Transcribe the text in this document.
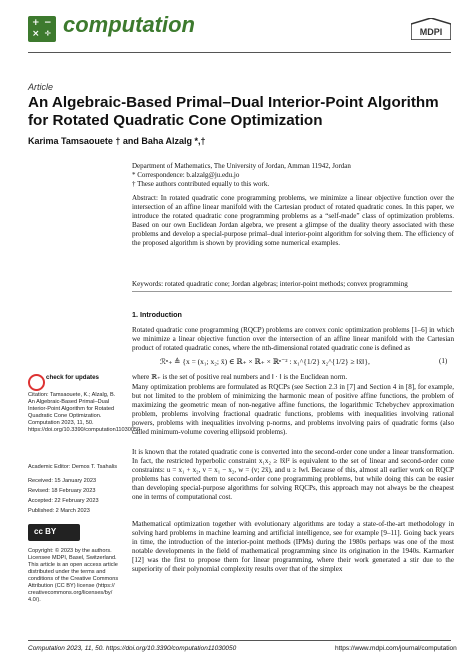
+ −
× ÷ computation	MDPI
Article
An Algebraic-Based Primal–Dual Interior-Point Algorithm for Rotated Quadratic Cone Optimization
Karima Tamsaouete † and Baha Alzalg *,†
Department of Mathematics, The University of Jordan, Amman 11942, Jordan
* Correspondence: b.alzalg@ju.edu.jo
† These authors contributed equally to this work.
Abstract: In rotated quadratic cone programming problems, we minimize a linear objective function over the intersection of an affine linear manifold with the Cartesian product of rotated quadratic cones. In this paper, we introduce the rotated quadratic cone programming problems as a “self-made” class of optimization problems. Based on our own Euclidean Jordan algebra, we present a glimpse of the duality theory associated with these problems and develop a special-purpose primal–dual interior-point algorithm for solving them. The efficiency of the proposed algorithm is shown by providing some numerical examples.
Keywords: rotated quadratic cone; Jordan algebras; interior-point methods; convex programming
1. Introduction
Rotated quadratic cone programming (RQCP) problems are convex conic optimization problems [1–6] in which we minimize a linear objective function over the intersection of an affine linear manifold with the Cartesian product of rotated quadratic cones, where the nth-dimensional rotated quadratic cone is defined as
ℛⁿ₊ ≜ {x = (x₁; x₂; x̄) ∈ ℝ₊ × ℝ₊ × ℝⁿ⁻² : x₁^{1/2} x₂^{1/2} ≥ ‖x̄‖},	(1)
where ℝ₊ is the set of positive real numbers and ‖ · ‖ is the Euclidean norm.
Many optimization problems are formulated as RQCPs (see Section 2.3 in [7] and Section 4 in [8], for example, but not limited to the problem of minimizing the harmonic mean of positive affine functions, the problem of maximizing the geometric mean of non-negative affine functions, the logarithmic Tchebychev approximation problem, problems involving fractional quadratic functions, problems with inequalities involving rational powers, problems with inequalities involving p-norms, and problems involving pairs of quadratic forms (also called minimum-volume covering ellipsoid problems).
It is known that the rotated quadratic cone is converted into the second-order cone under a linear transformation. In fact, the restricted hyperbolic constraint x₁x₂ ≥ ‖x̄‖² is equivalent to the set of linear and second-order cone constraints: u = x₁ + x₂, v = x₁ − x₂, w = (v; 2x̄), and u ≥ ‖w‖. Because of this, almost all earlier work on RQCP problems has converted them to second-order cone programming problems, but while doing this can be easier than developing special-purpose algorithms for solving RQCPs, this approach may not always be the cheapest one in terms of computational cost.
Mathematical optimization together with evolutionary algorithms are today a state-of-the-art methodology in solving hard problems in machine learning and artificial intelligence, see for example [9–11]. Going back years in time, the introduction of the interior-point methods (IPMs) during the 1980s perhaps was one of the most notable developments in the field of mathematical programming since its origination in the 1940s. Karmarker [12] was the first to propose them for linear programming, where their work generated a stir due to the superiority of their polynomial complexity results over that of the simplex
check for updates
Citation: Tamsaouete, K.; Alzalg, B. An Algebraic-Based Primal–Dual Interior-Point Algorithm for Rotated Quadratic Cone Optimization. Computation 2023, 11, 50. https://doi.org/10.3390/computation11030050
Academic Editor: Demos T. Tsahalis
Received: 15 January 2023
Revised: 18 February 2023
Accepted: 22 February 2023
Published: 2 March 2023
cc BY
Copyright: © 2023 by the authors. Licensee MDPI, Basel, Switzerland. This article is an open access article distributed under the terms and conditions of the Creative Commons Attribution (CC BY) license (https:// creativecommons.org/licenses/by/ 4.0/).
Computation 2023, 11, 50. https://doi.org/10.3390/computation11030050	https://www.mdpi.com/journal/computation
